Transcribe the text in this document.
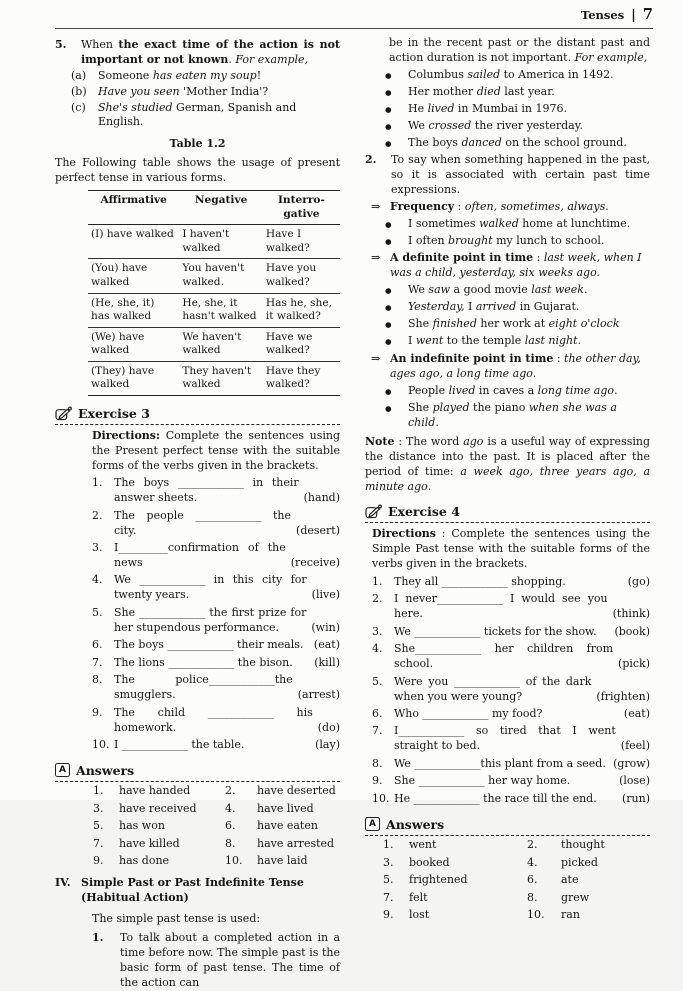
Tenses | 7
5.	When the exact time of the action is not important or not known. For example,
(a)	Someone has eaten my soup!
(b)	Have you seen 'Mother India'?
(c)	She's studied German, Spanish and English.
Table 1.2
The Following table shows the usage of present perfect tense in various forms.
Affirmative	Negative	Interro-gative
(I) have walked	I haven't walked	Have I walked?
(You) have walked	You haven't walked.	Have you walked?
(He, she, it) has walked	He, she, it hasn't walked	Has he, she, it walked?
(We) have walked	We haven't walked	Have we walked?
(They) have walked	They haven't walked	Have they walked?
Exercise 3
Directions: Complete the sentences using the Present perfect tense with the suitable forms of the verbs given in the brackets.
1.	The boys ____________ in their answer sheets.	(hand)
2.	The people ____________ the city.	(desert)
3.	I_________confirmation of the news	(receive)
4.	We ____________ in this city for twenty years.	(live)
5.	She ____________ the first prize for her stupendous performance.	(win)
6.	The boys ____________ their meals. (eat)
7.	The lions ____________ the bison.	(kill)
8.	The police____________the smugglers.	(arrest)
9.	The child ____________ his homework.	(do)
10. I ____________ the table.	(lay)
A Answers
1.	have handed	2.	have deserted
3.	have received	4.	have lived
5.	has won	6.	have eaten
7.	have killed	8.	have arrested
9.	has done	10.	have laid
IV. Simple Past or Past Indefinite Tense (Habitual Action)
The simple past tense is used:
1.	To talk about a completed action in a time before now. The simple past is the basic form of past tense. The time of the action can
be in the recent past or the distant past and action duration is not important. For example,
●	Columbus sailed to America in 1492.
●	Her mother died last year.
●	He lived in Mumbai in 1976.
●	We crossed the river yesterday.
●	The boys danced on the school ground.
2.	To say when something happened in the past, so it is associated with certain past time expressions.
⇒ Frequency : often, sometimes, always.
●	I sometimes walked home at lunchtime.
●	I often brought my lunch to school.
⇒ A definite point in time : last week, when I was a child, yesterday, six weeks ago.
●	We saw a good movie last week.
●	Yesterday, I arrived in Gujarat.
●	She finished her work at eight o'clock
●	I went to the temple last night.
⇒ An indefinite point in time : the other day, ages ago, a long time ago.
●	People lived in caves a long time ago.
●	She played the piano when she was a child.
Note : The word ago is a useful way of expressing the distance into the past. It is placed after the period of time: a week ago, three years ago, a minute ago.
Exercise 4
Directions : Complete the sentences using the Simple Past tense with the suitable forms of the verbs given in the brackets.
1.	They all ____________ shopping.	(go)
2.	I never____________ I would see you here.	(think)
3.	We ____________ tickets for the show.	(book)
4.	She____________ her children from school.	(pick)
5.	Were you ____________ of the dark when you were young?	(frighten)
6.	Who ____________ my food?	(eat)
7.	I____________ so tired that I went straight to bed.	(feel)
8.	We ____________this plant from a seed. (grow)
9.	She ____________ her way home.	(lose)
10. He ____________ the race till the end.	(run)
A Answers
1.	went	2.	thought
3.	booked	4.	picked
5.	frightened	6.	ate
7.	felt	8.	grew
9.	lost	10.	ran
